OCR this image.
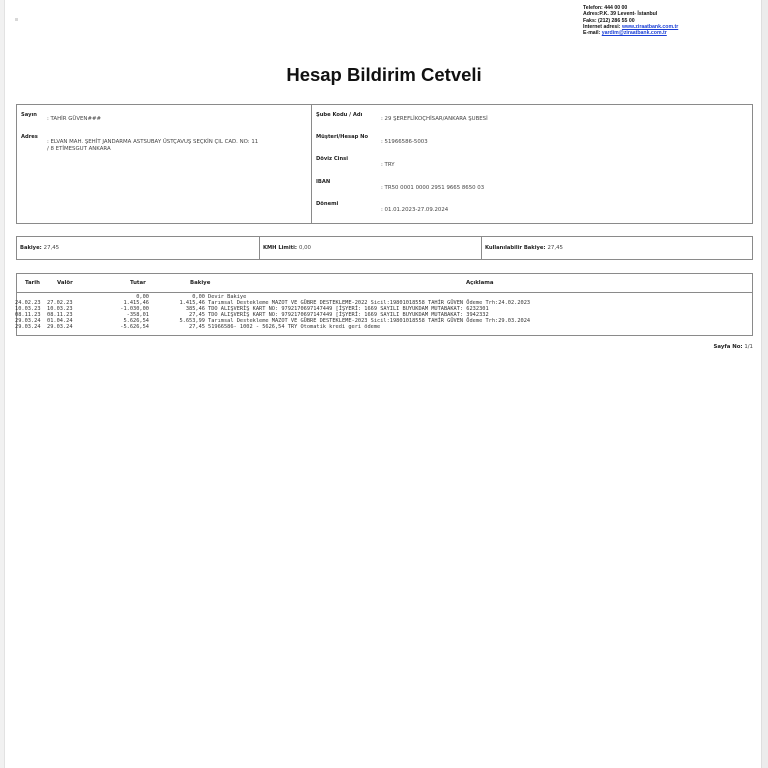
Telefon: 444 00 00
Adres:P.K. 39 Levent- İstanbul
Faks: (212) 286 55 00
Internet adresi: www.ziraatbank.com.tr
E-mail: yardim@ziraatbank.com.tr
Hesap Bildirim Cetveli
Sayın
: TAHİR GÜVEN###
Adres
: ELVAN MAH. ŞEHİT JANDARMA ASTSUBAY ÜSTÇAVUŞ SEÇKİN ÇIL CAD. NO: 11
/ 8 ETİMESGUT ANKARA
Şube Kodu / Adı
: 29 ŞEREFLİKOÇHİSAR/ANKARA ŞUBESİ
Müşteri/Hesap No
: 51966586-5003
Döviz Cinsi
: TRY
IBAN
: TR50 0001 0000 2951 9665 8650 03
Dönemi
: 01.01.2023-27.09.2024
Bakiye: 27,45	KMH Limiti: 0,00	Kullanılabilir Bakiye: 27,45
Tarih	Valör	Tutar	Bakiye	Açıklama
0,00	0,00 Devir Bakiye
24.02.23 27.02.23	1.415,46	1.415,46 Tarımsal Destekleme MAZOT VE GÜBRE DESTEKLEME-2022 Sicil:19801018558 TAHİR GÜVEN Ödeme Trh:24.02.2023
10.03.23 10.03.23	-1.030,00	385,46 TDO ALIŞVERİŞ KART NO: 9792170697147449 [İŞYERİ: 1669 SAYILI BUYUKDAM MUTABAKAT: 6232301
08.11.23 08.11.23	-358,01	27,45 TDO ALIŞVERİŞ KART NO: 9792170697147449 [İŞYERİ: 1669 SAYILI BUYUKDAM MUTABAKAT: 3942332
29.03.24 01.04.24	5.626,54	5.653,99 Tarımsal Destekleme MAZOT VE GÜBRE DESTEKLEME-2023 Sicil:19801018558 TAHİR GÜVEN Ödeme Trh:29.03.2024
29.03.24 29.03.24	-5.626,54	27,45 51966586- 1002 - 5626,54 TRY Otomatik kredi geri ödeme
Sayfa No: 1/1
